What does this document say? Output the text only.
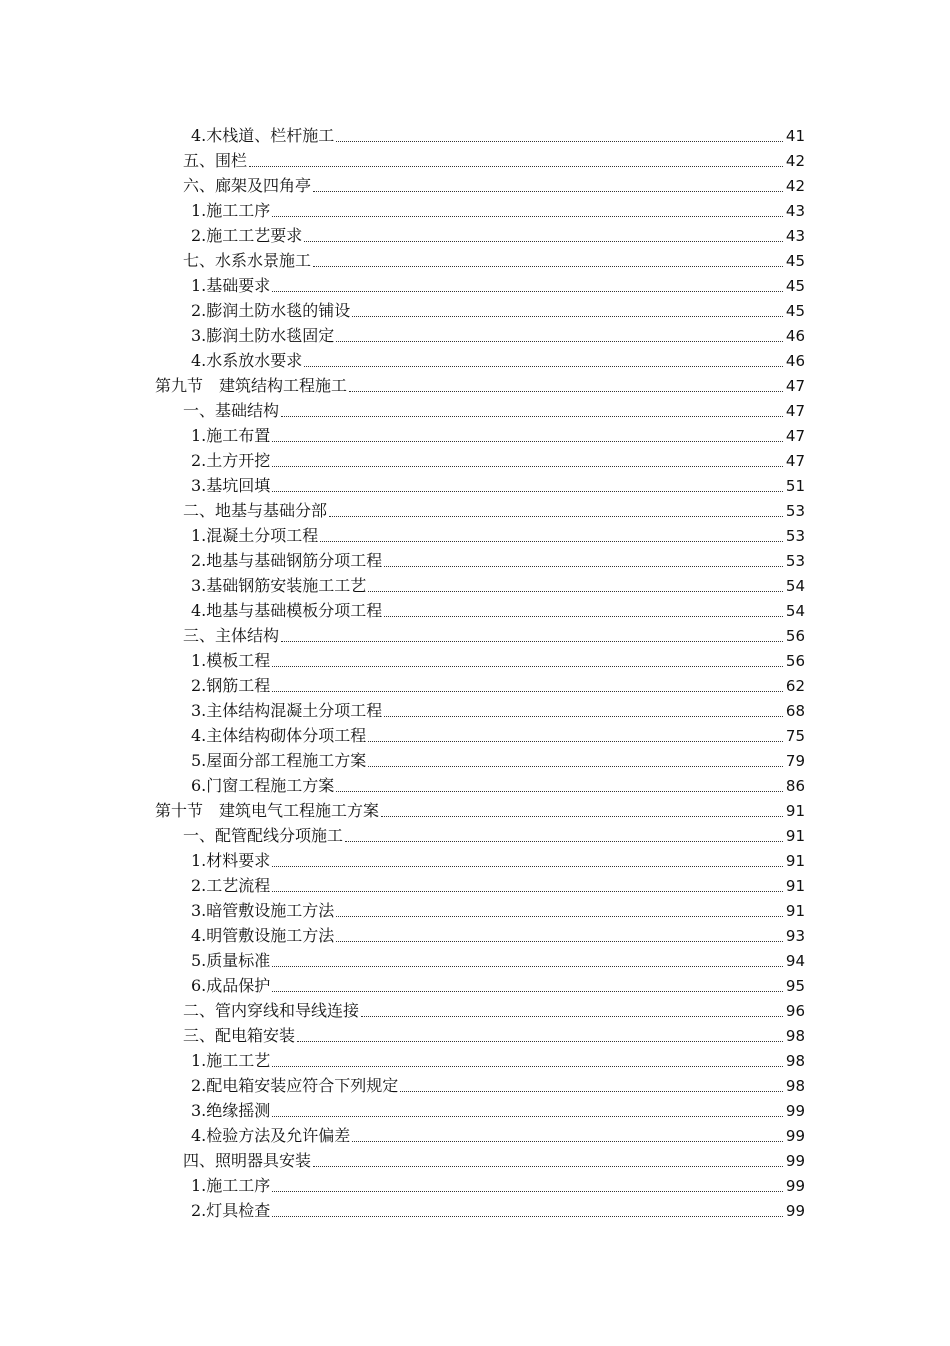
4.木栈道、栏杆施工	41
五、围栏	42
六、廊架及四角亭	42
1.施工工序	43
2.施工工艺要求	43
七、水系水景施工	45
1.基础要求	45
2.膨润土防水毯的铺设	45
3.膨润土防水毯固定	46
4.水系放水要求	46
第九节　建筑结构工程施工	47
一、基础结构	47
1.施工布置	47
2.土方开挖	47
3.基坑回填	51
二、地基与基础分部	53
1.混凝土分项工程	53
2.地基与基础钢筋分项工程	53
3.基础钢筋安装施工工艺	54
4.地基与基础模板分项工程	54
三、主体结构	56
1.模板工程	56
2.钢筋工程	62
3.主体结构混凝土分项工程	68
4.主体结构砌体分项工程	75
5.屋面分部工程施工方案	79
6.门窗工程施工方案	86
第十节　建筑电气工程施工方案	91
一、配管配线分项施工	91
1.材料要求	91
2.工艺流程	91
3.暗管敷设施工方法	91
4.明管敷设施工方法	93
5.质量标准	94
6.成品保护	95
二、管内穿线和导线连接	96
三、配电箱安装	98
1.施工工艺	98
2.配电箱安装应符合下列规定	98
3.绝缘摇测	99
4.检验方法及允许偏差	99
四、照明器具安装	99
1.施工工序	99
2.灯具检查	99
